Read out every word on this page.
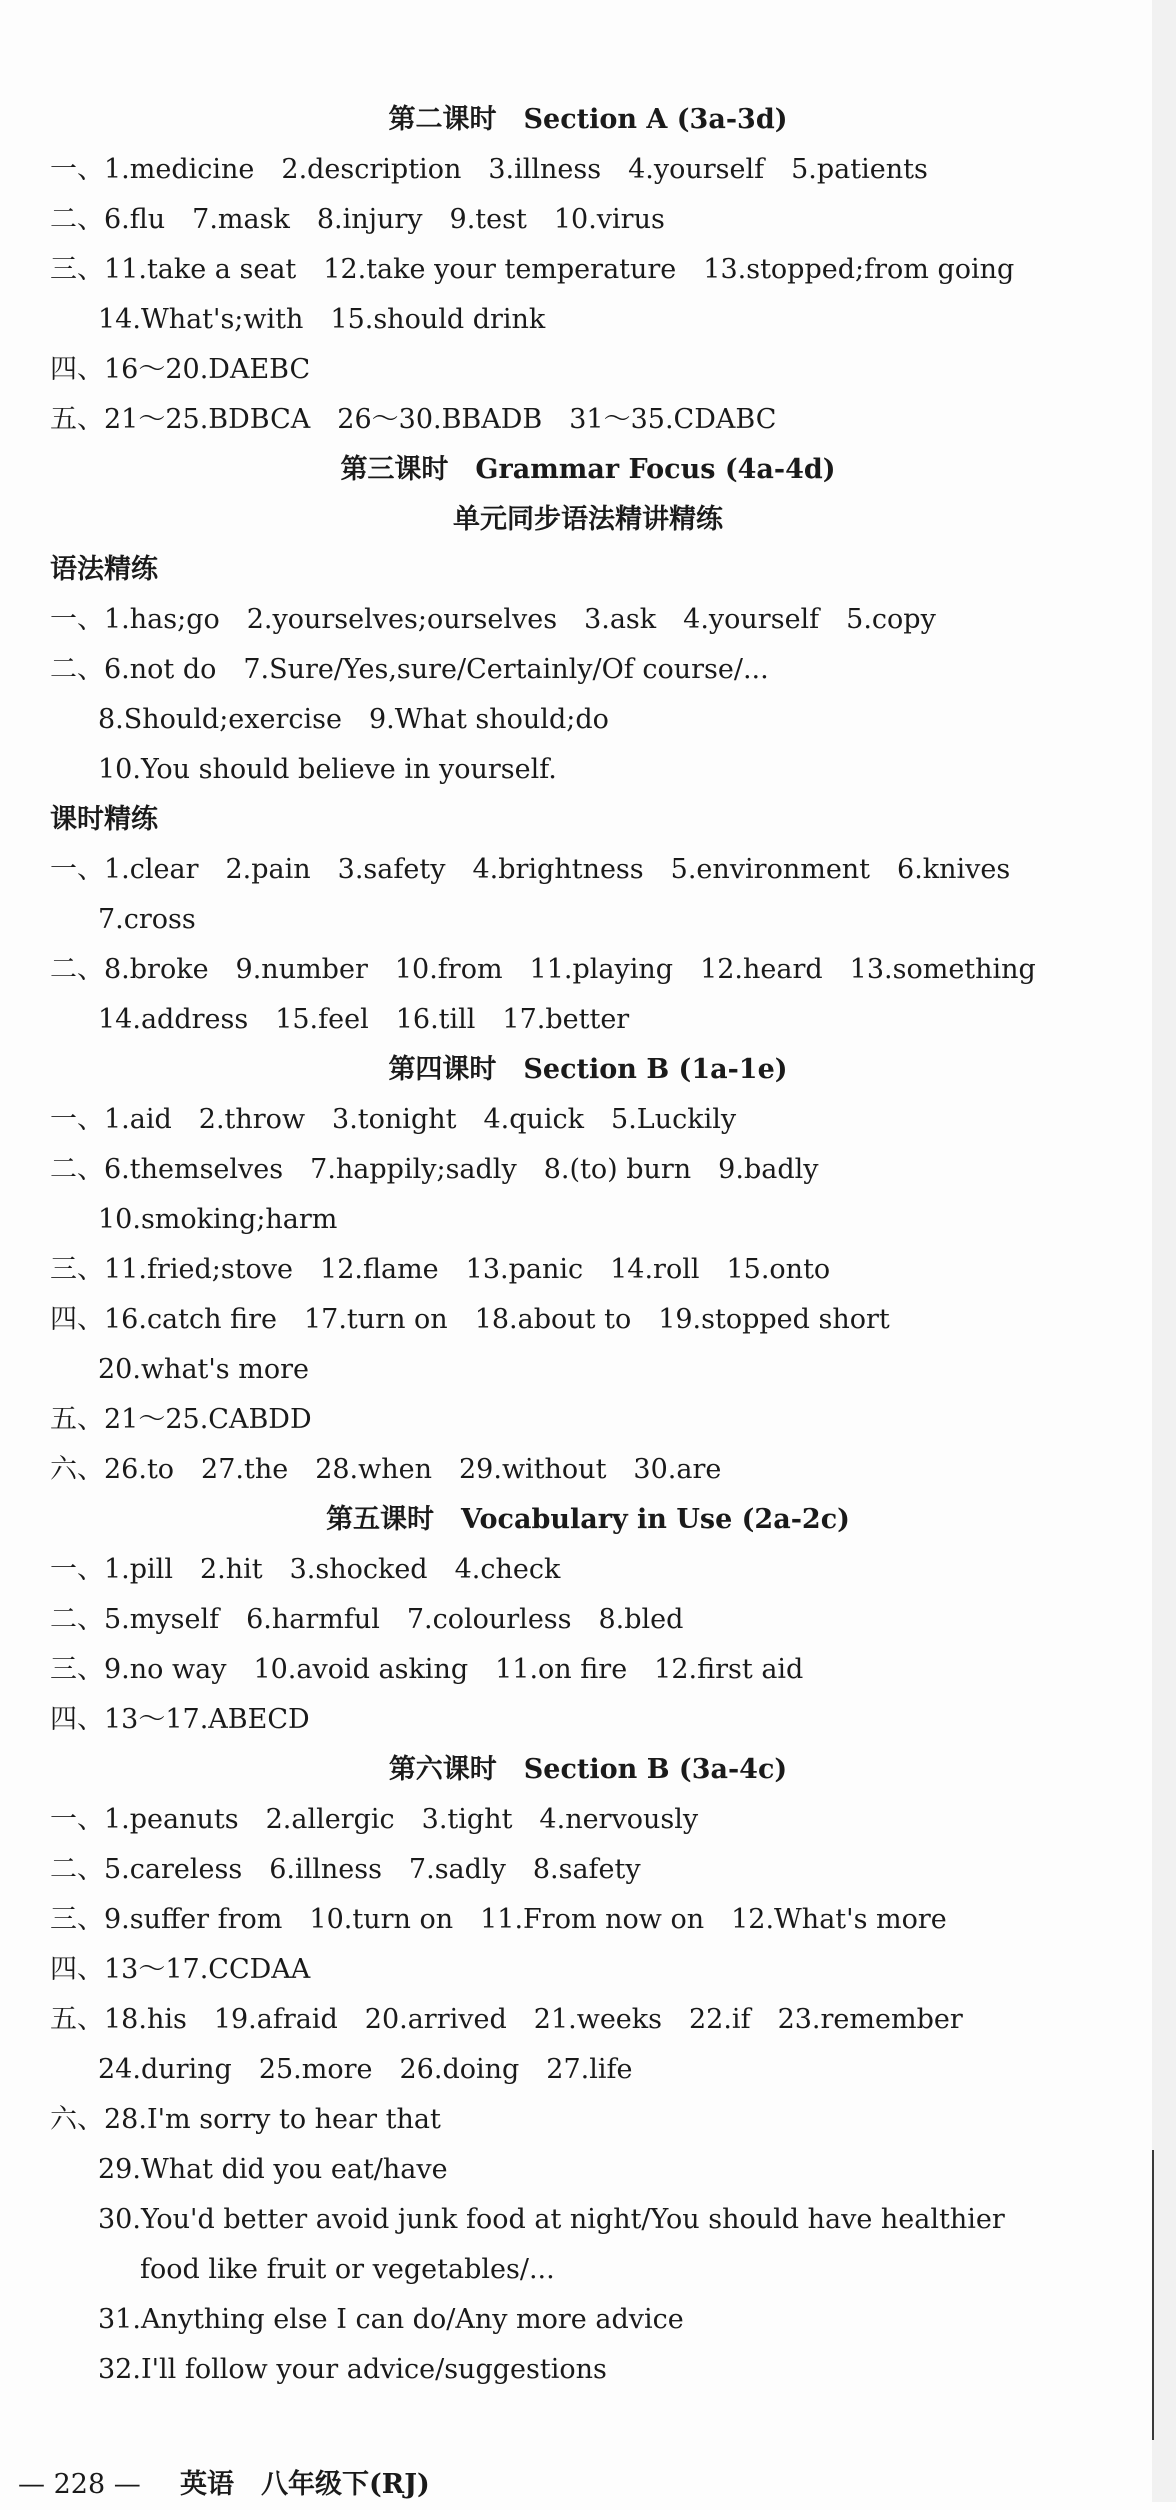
第二课时　Section A (3a-3d)
一、1.medicine　2.description　3.illness　4.yourself　5.patients
二、6.flu　7.mask　8.injury　9.test　10.virus
三、11.take a seat　12.take your temperature　13.stopped;from going
14.What's;with　15.should drink
四、16～20.DAEBC
五、21～25.BDBCA　26～30.BBADB　31～35.CDABC
第三课时　Grammar Focus (4a-4d)
单元同步语法精讲精练
语法精练
一、1.has;go　2.yourselves;ourselves　3.ask　4.yourself　5.copy
二、6.not do　7.Sure/Yes,sure/Certainly/Of course/...
8.Should;exercise　9.What should;do
10.You should believe in yourself.
课时精练
一、1.clear　2.pain　3.safety　4.brightness　5.environment　6.knives
7.cross
二、8.broke　9.number　10.from　11.playing　12.heard　13.something
14.address　15.feel　16.till　17.better
第四课时　Section B (1a-1e)
一、1.aid　2.throw　3.tonight　4.quick　5.Luckily
二、6.themselves　7.happily;sadly　8.(to) burn　9.badly
10.smoking;harm
三、11.fried;stove　12.flame　13.panic　14.roll　15.onto
四、16.catch fire　17.turn on　18.about to　19.stopped short
20.what's more
五、21～25.CABDD
六、26.to　27.the　28.when　29.without　30.are
第五课时　Vocabulary in Use (2a-2c)
一、1.pill　2.hit　3.shocked　4.check
二、5.myself　6.harmful　7.colourless　8.bled
三、9.no way　10.avoid asking　11.on fire　12.first aid
四、13～17.ABECD
第六课时　Section B (3a-4c)
一、1.peanuts　2.allergic　3.tight　4.nervously
二、5.careless　6.illness　7.sadly　8.safety
三、9.suffer from　10.turn on　11.From now on　12.What's more
四、13～17.CCDAA
五、18.his　19.afraid　20.arrived　21.weeks　22.if　23.remember
24.during　25.more　26.doing　27.life
六、28.I'm sorry to hear that
29.What did you eat/have
30.You'd better avoid junk food at night/You should have healthier
food like fruit or vegetables/...
31.Anything else I can do/Any more advice
32.I'll follow your advice/suggestions
— 228 — 英语　八年级下(RJ)
